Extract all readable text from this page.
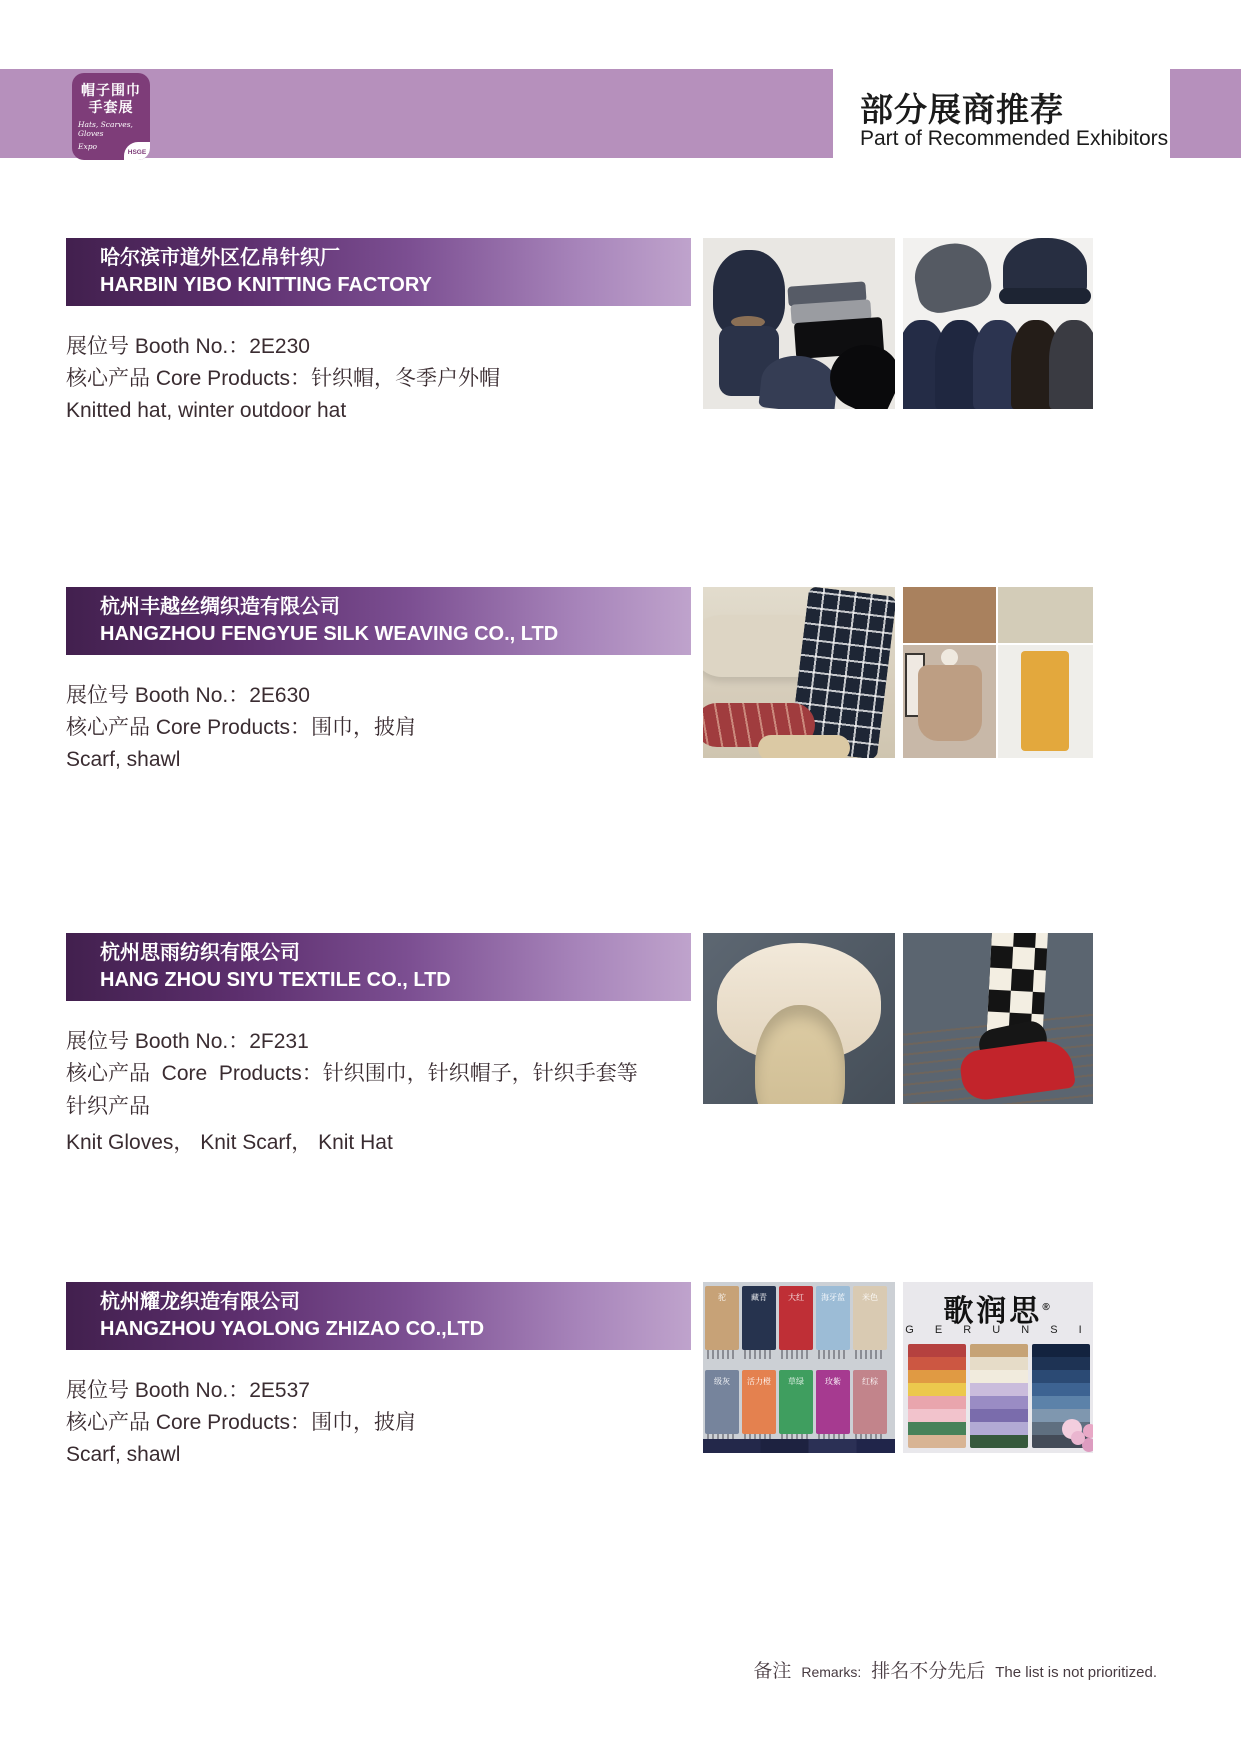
帽子围巾
手套展
Hats, Scarves, Gloves
Expo
HSGE
部分展商推荐
Part of Recommended Exhibitors
哈尔滨市道外区亿帛针织厂
HARBIN YIBO KNITTING FACTORY
展位号 Booth No.：2E230
核心产品 Core Products：针织帽，冬季户外帽
Knitted hat, winter outdoor hat
杭州丰越丝绸织造有限公司
HANGZHOU FENGYUE SILK WEAVING CO., LTD
展位号 Booth No.：2E630
核心产品 Core Products：围巾，披肩
Scarf, shawl
杭州思雨纺织有限公司
HANG ZHOU SIYU TEXTILE CO., LTD
展位号 Booth No.：2F231
核心产品  Core  Products：针织围巾，针织帽子，针织手套等针织产品
Knit Gloves， Knit Scarf， Knit Hat
杭州耀龙织造有限公司
HANGZHOU YAOLONG ZHIZAO CO.,LTD
展位号 Booth No.：2E537
核心产品 Core Products：围巾，披肩
Scarf, shawl
驼	藏青	大红	海牙蓝	米色
级灰	活力橙	草绿	玫紫	红棕
歌润思®
G E R U N S I
备注 Remarks: 排名不分先后 The list is not prioritized.
